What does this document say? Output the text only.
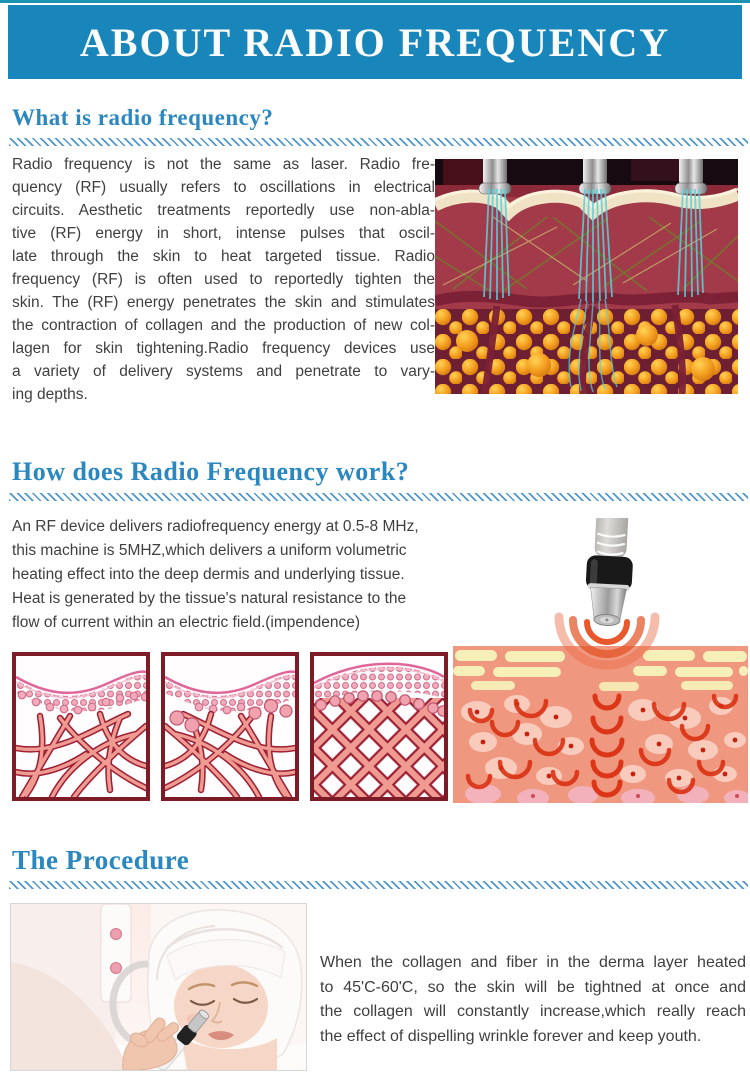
ABOUT RADIO FREQUENCY
What is radio frequency?
Radio frequency is not the same as laser. Radio fre-
quency (RF) usually refers to oscillations in electrical
circuits. Aesthetic treatments reportedly use non-abla-
tive (RF) energy in short, intense pulses that oscil-
late through the skin to heat targeted tissue. Radio
frequency (RF) is often used to reportedly tighten the
skin. The (RF) energy penetrates the skin and stimulates
the contraction of collagen and the production of new col-
lagen for skin tightening.Radio frequency devices use
a variety of delivery systems and penetrate to vary-
ing depths.
How does Radio Frequency work?
An RF device delivers radiofrequency energy at 0.5-8 MHz,
this machine is 5MHZ,which delivers a uniform volumetric
heating effect into the deep dermis and underlying tissue.
Heat is generated by the tissue's natural resistance to the
flow of current within an electric field.(impendence)
The Procedure
When the collagen and fiber in the derma layer heated
to 45'C-60'C, so the skin will be tightned at once and
the collagen will constantly increase,which really reach
the effect of dispelling wrinkle forever and keep youth.
